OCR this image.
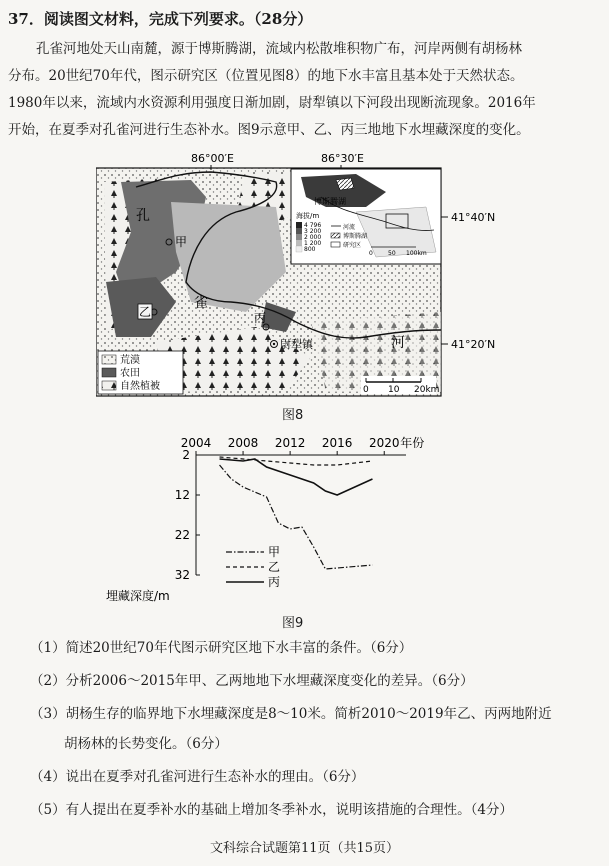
37．阅读图文材料，完成下列要求。（28分）
孔雀河地处天山南麓，源于博斯腾湖，流域内松散堆积物广布，河岸两侧有胡杨林
分布。20世纪70年代，图示研究区（位置见图8）的地下水丰富且基本处于天然状态。
1980年以来，流域内水资源利用强度日渐加剧，尉犁镇以下河段出现断流现象。2016年
开始，在夏季对孔雀河进行生态补水。图9示意甲、乙、丙三地地下水埋藏深度的变化。
甲
乙	丙
尉犁镇
孔
雀
河
86°00′E	86°30′E
41°40′N
41°20′N
博斯腾湖
海拔/m
4 796
3 200
2 000
1 200
800
河流
博斯腾湖
研究区
0	50 100km
荒漠
农田
自然植被	0 10 20km
图8
2004 2008 2012 2016 2020 年份
2
12
22
32
埋藏深度/m
甲
乙
丙
图9
（1）简述20世纪70年代图示研究区地下水丰富的条件。（6分）
（2）分析2006～2015年甲、乙两地地下水埋藏深度变化的差异。（6分）
（3）胡杨生存的临界地下水埋藏深度是8～10米。简析2010～2019年乙、丙两地附近
胡杨林的长势变化。（6分）
（4）说出在夏季对孔雀河进行生态补水的理由。（6分）
（5）有人提出在夏季补水的基础上增加冬季补水，说明该措施的合理性。（4分）
文科综合试题第11页（共15页）
